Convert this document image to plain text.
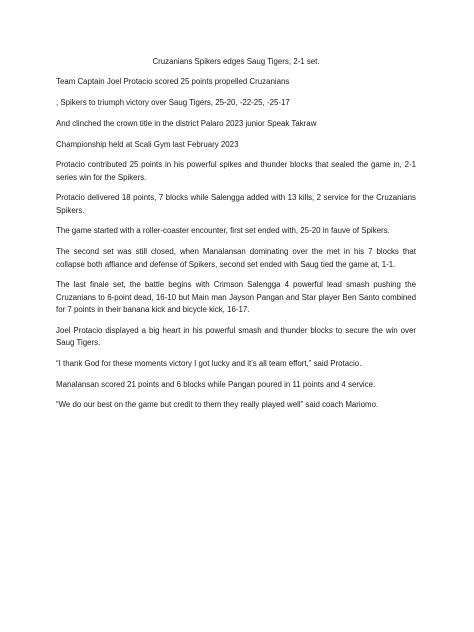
Cruzanians Spikers edges Saug Tigers, 2-1 set.

Team Captain Joel Protacio scored 25 points propelled Cruzanians

, Spikers to triumph victory over Saug Tigers, 25-20, -22-25, -25-17

And clinched the crown title in the district Palaro 2023 junior Speak Takraw

Championship held at Scali Gym last February 2023

Protacio contributed 25 points in his powerful spikes and thunder blocks that sealed the game in, 2-1 series win for the Spikers.

Protacio delivered 18 points, 7 blocks while Salengga added with 13 kills, 2 service for the Cruzanians Spikers.

The game started with a roller-coaster encounter, first set ended with, 25-20 in fauve of Spikers.

The second set was still closed, when Manalansan dominating over the met in his 7 blocks that collapse both affiance and defense of Spikers, second set ended with Saug tied the game at, 1-1.

The last finale set, the battle begins with Crimson Salengga 4 powerful lead smash pushing the Cruzanians to 6-point dead, 16-10 but Main man Jayson Pangan and Star player Ben Santo combined for 7 points in their banana kick and bicycle kick, 16-17.

Joel Protacio displayed a big heart in his powerful smash and thunder blocks to secure the win over Saug Tigers.

“I thank God for these moments victory I got lucky and it’s all team effort,” said Protacio.

Manalansan scored 21 points and 6 blocks while Pangan poured in 11 points and 4 service.

“We do our best on the game but credit to them they really played well” said coach Mariomo.
